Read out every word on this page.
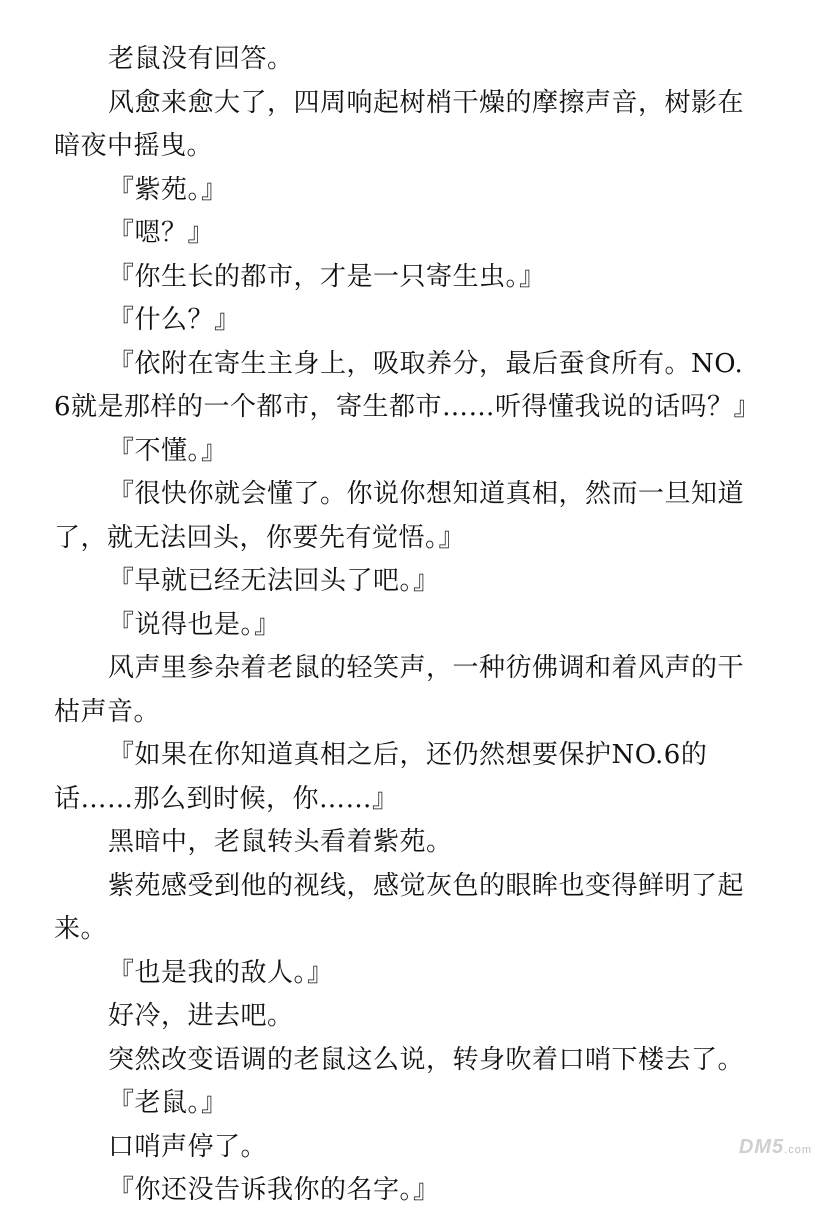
老鼠没有回答。

风愈来愈大了，四周响起树梢干燥的摩擦声音，树影在暗夜中摇曳。

『紫苑。』

『嗯？』

『你生长的都市，才是一只寄生虫。』

『什么？』

『依附在寄生主身上，吸取养分，最后蚕食所有。NO.6就是那样的一个都市，寄生都市……听得懂我说的话吗？』

『不懂。』

『很快你就会懂了。你说你想知道真相，然而一旦知道了，就无法回头，你要先有觉悟。』

『早就已经无法回头了吧。』

『说得也是。』

风声里参杂着老鼠的轻笑声，一种彷佛调和着风声的干枯声音。

『如果在你知道真相之后，还仍然想要保护NO.6的话……那么到时候，你……』

黑暗中，老鼠转头看着紫苑。

紫苑感受到他的视线，感觉灰色的眼眸也变得鲜明了起来。

『也是我的敌人。』

好冷，进去吧。

突然改变语调的老鼠这么说，转身吹着口哨下楼去了。

『老鼠。』

口哨声停了。

『你还没告诉我你的名字。』

DM5.com
